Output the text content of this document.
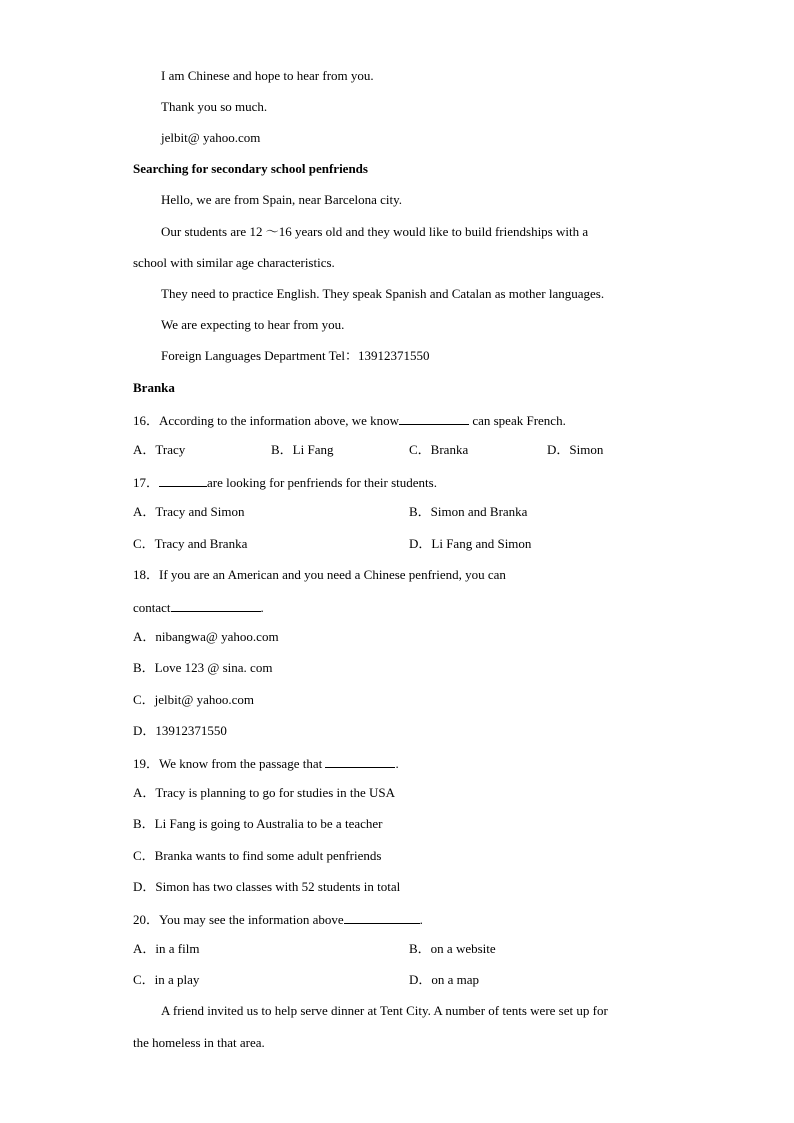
I am Chinese and hope to hear from you.
Thank you so much.
jelbit@ yahoo.com
Searching for secondary school penfriends
Hello, we are from Spain, near Barcelona city.
Our students are 12 ～16 years old and they would like to build friendships with a
school with similar age characteristics.
They need to practice English. They speak Spanish and Catalan as mother languages.
We are expecting to hear from you.
Foreign Languages Department Tel：13912371550
Branka
16．According to the information above, we know	can speak French.
A．Tracy	B．Li Fang	C．Branka	D．Simon
17．	are looking for penfriends for their students.
A．Tracy and Simon	B．Simon and Branka
C．Tracy and Branka	D．Li Fang and Simon
18．If you are an American and you need a Chinese penfriend, you can
contact	.
A．nibangwa@ yahoo.com
B．Love 123 @ sina. com
C．jelbit@ yahoo.com
D．13912371550
19．We know from the passage that	.
A．Tracy is planning to go for studies in the USA
B．Li Fang is going to Australia to be a teacher
C．Branka wants to find some adult penfriends
D．Simon has two classes with 52 students in total
20．You may see the information above	.
A．in a film	B．on a website
C．in a play	D．on a map
A friend invited us to help serve dinner at Tent City. A number of tents were set up for
the homeless in that area.
